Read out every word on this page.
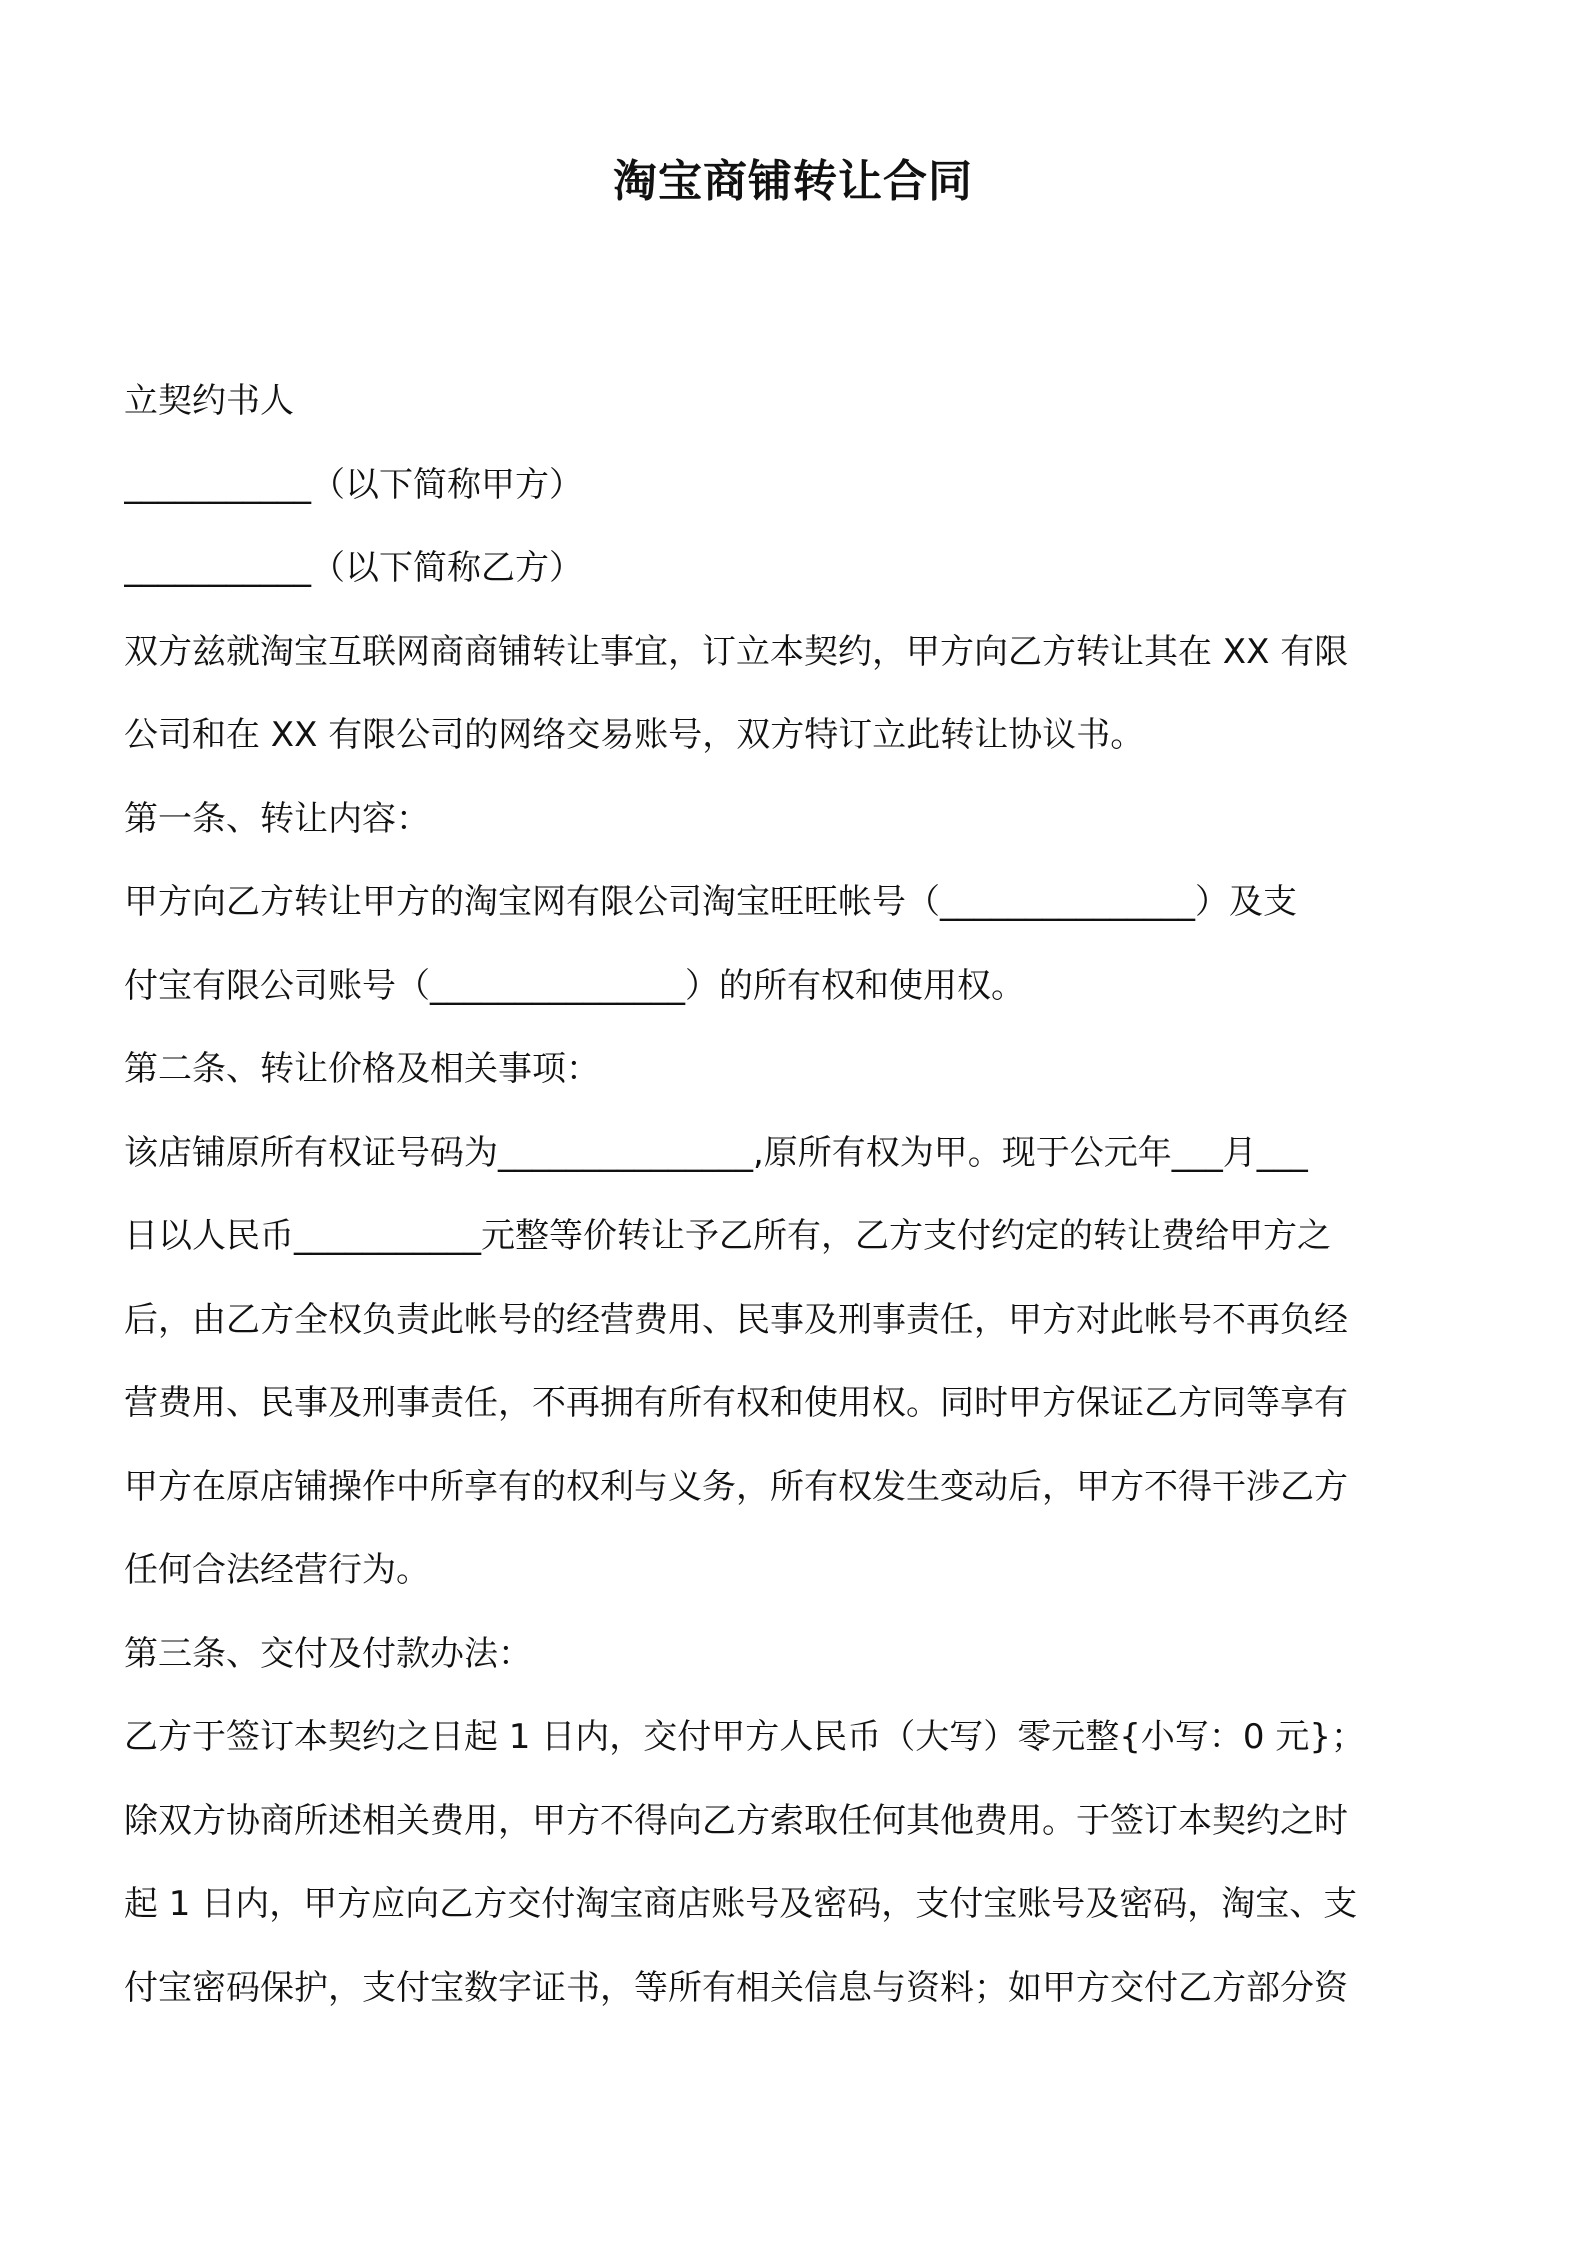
淘宝商铺转让合同
立契约书人
___________（以下简称甲方）
___________（以下简称乙方）
双方兹就淘宝互联网商商铺转让事宜，订立本契约，甲方向乙方转让其在 XX 有限
公司和在 XX 有限公司的网络交易账号，双方特订立此转让协议书。
第一条、转让内容：
甲方向乙方转让甲方的淘宝网有限公司淘宝旺旺帐号（_______________）及支
付宝有限公司账号（_______________）的所有权和使用权。
第二条、转让价格及相关事项：
该店铺原所有权证号码为_______________,原所有权为甲。现于公元年___月___
日以人民币___________元整等价转让予乙所有，乙方支付约定的转让费给甲方之
后，由乙方全权负责此帐号的经营费用、民事及刑事责任，甲方对此帐号不再负经
营费用、民事及刑事责任，不再拥有所有权和使用权。同时甲方保证乙方同等享有
甲方在原店铺操作中所享有的权利与义务，所有权发生变动后，甲方不得干涉乙方
任何合法经营行为。
第三条、交付及付款办法：
乙方于签订本契约之日起 1 日内，交付甲方人民币（大写）零元整{小写：0 元}；
除双方协商所述相关费用，甲方不得向乙方索取任何其他费用。于签订本契约之时
起 1 日内，甲方应向乙方交付淘宝商店账号及密码，支付宝账号及密码，淘宝、支
付宝密码保护，支付宝数字证书，等所有相关信息与资料；如甲方交付乙方部分资
